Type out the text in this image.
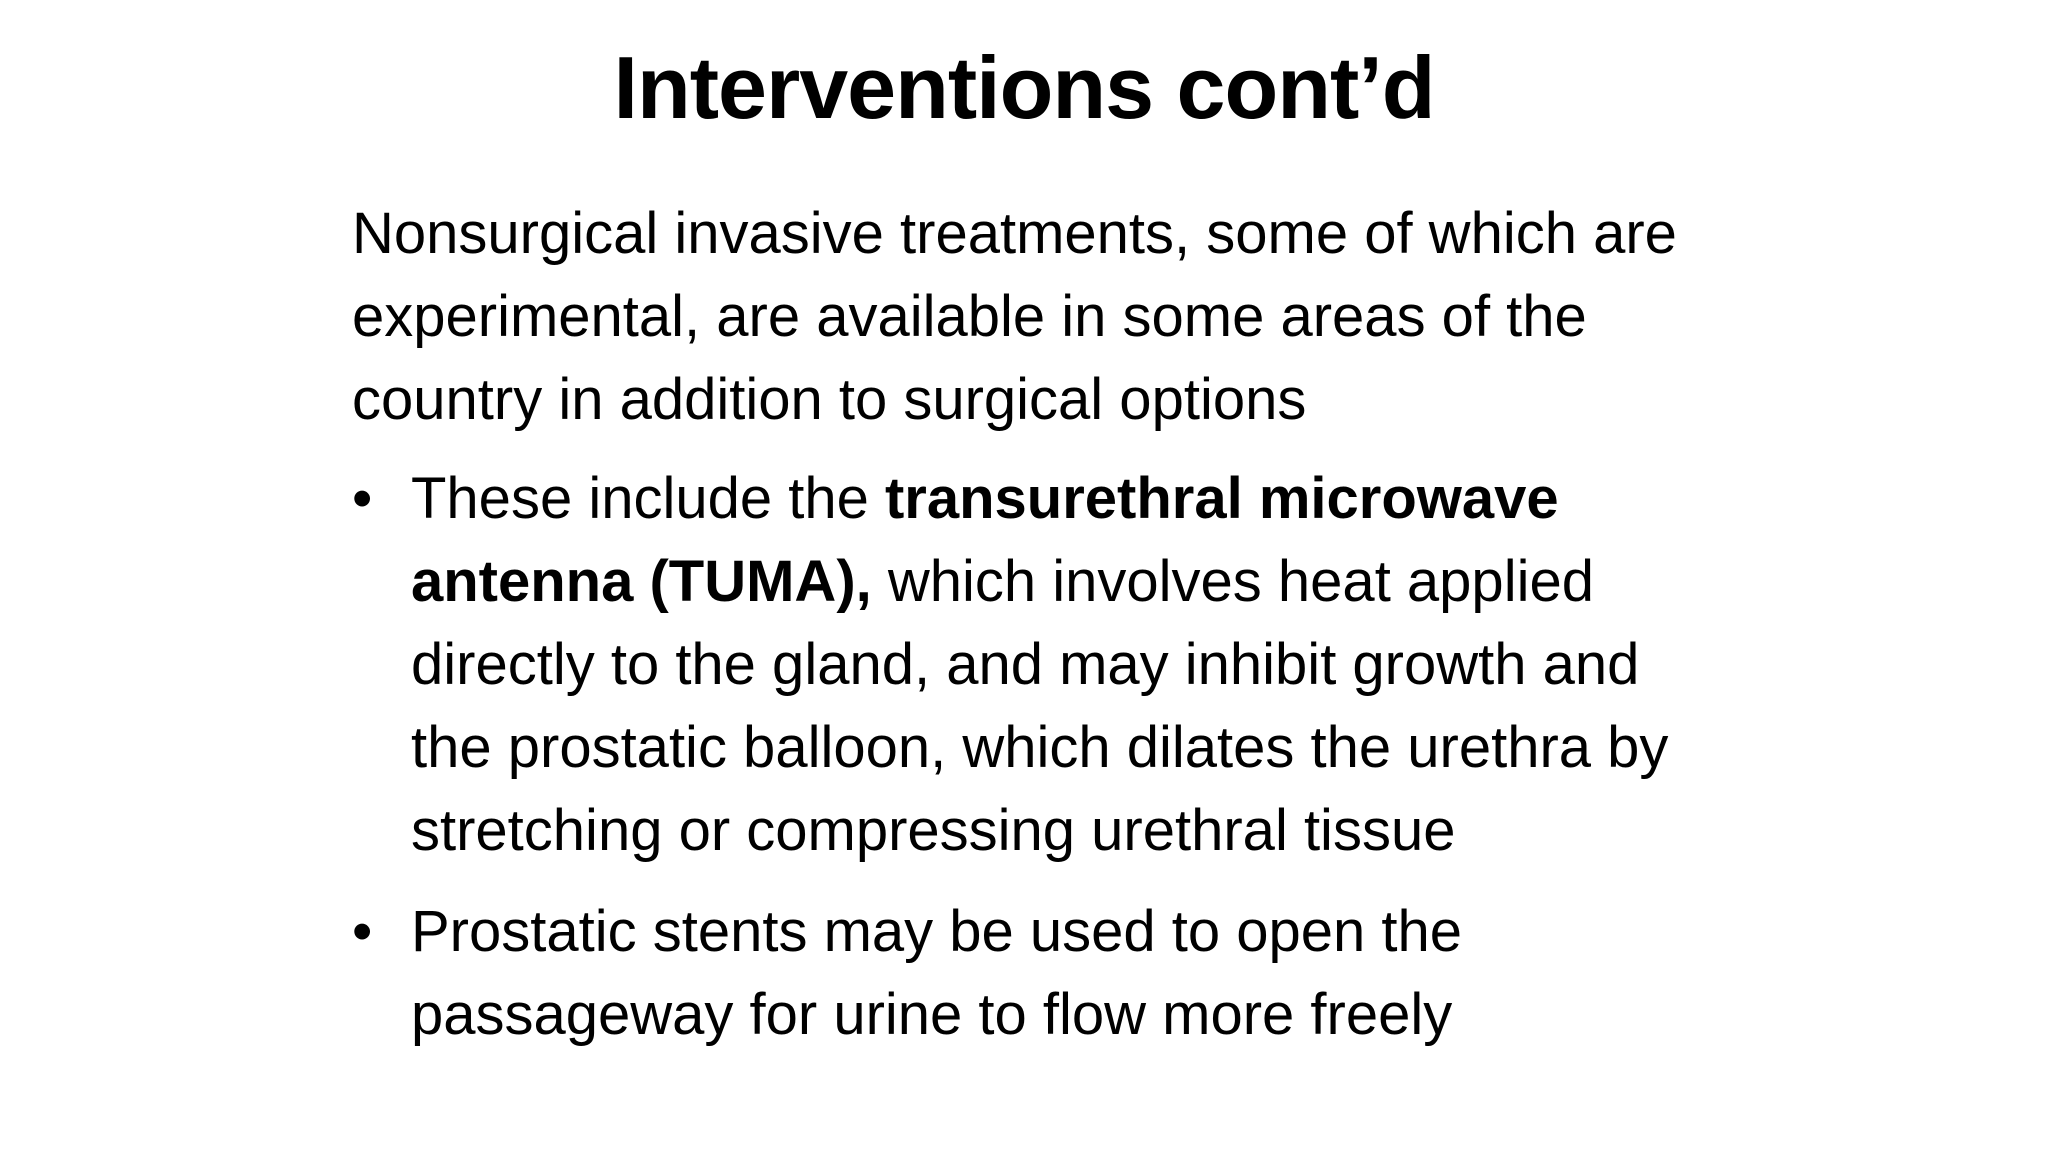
Interventions cont’d

Nonsurgical invasive treatments, some of which are experimental, are available in some areas of the country in addition to surgical options

• These include the transurethral microwave antenna (TUMA), which involves heat applied directly to the gland, and may inhibit growth and the prostatic balloon, which dilates the urethra by stretching or compressing urethral tissue
• Prostatic stents may be used to open the passageway for urine to flow more freely
